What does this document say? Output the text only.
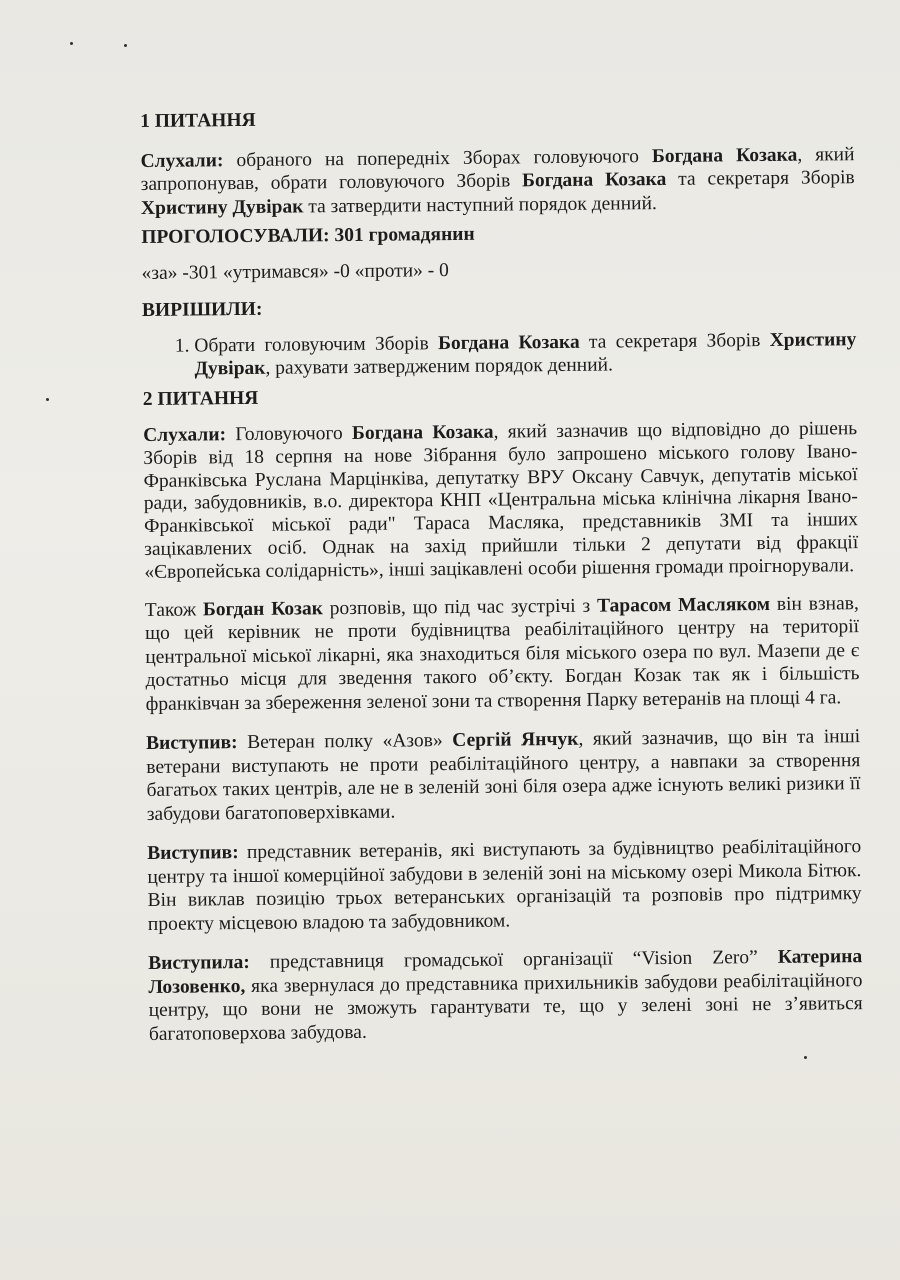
1 ПИТАННЯ

Слухали: обраного на попередніх Зборах головуючого Богдана Козака, який запропонував, обрати головуючого Зборів Богдана Козака та секретаря Зборів Христину Дувірак та затвердити наступний порядок денний.

ПРОГОЛОСУВАЛИ: 301 громадянин

«за» -301 «утримався» -0 «проти» - 0

ВИРІШИЛИ:

1. Обрати головуючим Зборів Богдана Козака та секретаря Зборів Христину Дувірак, рахувати затвердженим порядок денний.

2 ПИТАННЯ

Слухали: Головуючого Богдана Козака, який зазначив що відповідно до рішень Зборів від 18 серпня на нове Зібрання було запрошено міського голову Івано-Франківська Руслана Марцінківа, депутатку ВРУ Оксану Савчук, депутатів міської ради, забудовників, в.о. директора КНП «Центральна міська клінічна лікарня Івано-Франківської міської ради" Тараса Масляка, представників ЗМІ та інших зацікавлених осіб. Однак на захід прийшли тільки 2 депутати від фракції «Європейська солідарність», інші зацікавлені особи рішення громади проігнорували.

Також Богдан Козак розповів, що під час зустрічі з Тарасом Масляком він взнав, що цей керівник не проти будівництва реабілітаційного центру на території центральної міської лікарні, яка знаходиться біля міського озера по вул. Мазепи де є достатньо місця для зведення такого об’єкту. Богдан Козак так як і більшість франківчан за збереження зеленої зони та створення Парку ветеранів на площі 4 га.

Виступив: Ветеран полку «Азов» Сергій Янчук, який зазначив, що він та інші ветерани виступають не проти реабілітаційного центру, а навпаки за створення багатьох таких центрів, але не в зеленій зоні біля озера адже існують великі ризики її забудови багатоповерхівками.

Виступив: представник ветеранів, які виступають за будівництво реабілітаційного центру та іншої комерційної забудови в зеленій зоні на міському озері Микола Бітюк. Він виклав позицію трьох ветеранських організацій та розповів про підтримку проекту місцевою владою та забудовником.

Виступила: представниця громадської організації “Vision Zero” Катерина Лозовенко, яка звернулася до представника прихильників забудови реабілітаційного центру, що вони не зможуть гарантувати те, що у зелені зоні не з’явиться багатоповерхова забудова.
